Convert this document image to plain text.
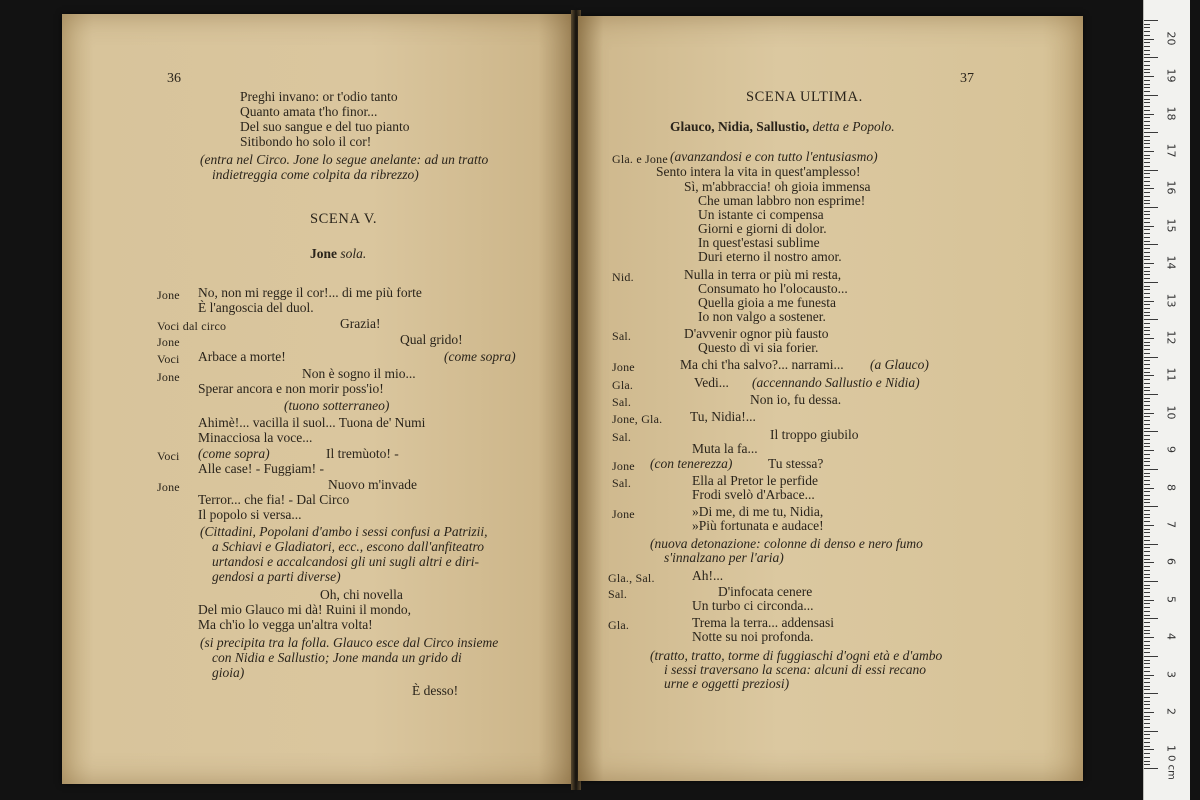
36
Preghi invano: or t'odio tanto
Quanto amata t'ho finor...
Del suo sangue e del tuo pianto
Sitibondo ho solo il cor!
(entra nel Circo. Jone lo segue anelante: ad un tratto
indietreggia come colpita da ribrezzo)
SCENA V.
Jone sola.
Jone No, non mi regge il cor!... di me più forte
È l'angoscia del duol.
Voci dal circo	Grazia!
Jone	Qual grido!
Voci Arbace a morte!	(come sopra)
Jone	Non è sogno il mio...
Sperar ancora e non morir poss'io!
(tuono sotterraneo)
Ahimè!... vacilla il suol... Tuona de' Numi
Minacciosa la voce...
Voci (come sopra)	Il tremùoto! -
Alle case! - Fuggiam! -
Jone	Nuovo m'invade
Terror... che fia! - Dal Circo
Il popolo si versa...
(Cittadini, Popolani d'ambo i sessi confusi a Patrizii,
a Schiavi e Gladiatori, ecc., escono dall'anfiteatro
urtandosi e accalcandosi gli uni sugli altri e diri-
gendosi a parti diverse)
Oh, chi novella
Del mio Glauco mi dà! Ruini il mondo,
Ma ch'io lo vegga un'altra volta!
(si precipita tra la folla. Glauco esce dal Circo insieme
con Nidia e Sallustio; Jone manda un grido di
gioia)
È desso!
37
SCENA ULTIMA.
Glauco, Nidia, Sallustio, detta e Popolo.
Gla. e Jone (avanzandosi e con tutto l'entusiasmo)
Sento intera la vita in quest'amplesso!
Sì, m'abbraccia! oh gioia immensa
Che uman labbro non esprime!
Un istante ci compensa
Giorni e giorni di dolor.
In quest'estasi sublime
Duri eterno il nostro amor.
Nid.	Nulla in terra or più mi resta,
Consumato ho l'olocausto...
Quella gioia a me funesta
Io non valgo a sostener.
Sal.	D'avvenir ognor più fausto
Questo dì vi sia forier.
Jone	Ma chi t'ha salvo?... narrami... (a Glauco)
Gla.	Vedi... (accennando Sallustio e Nidia)
Sal.	Non io, fu dessa.
Jone, Gla. Tu, Nidia!...
Sal.	Il troppo giubilo
Muta la fa...
Jone (con tenerezza)	Tu stessa?
Sal.	Ella al Pretor le perfide
Frodi svelò d'Arbace...
Jone	»Di me, di me tu, Nidia,
»Più fortunata e audace!
(nuova detonazione: colonne di denso e nero fumo
s'innalzano per l'aria)
Gla., Sal.	Ah!...
Sal.	D'infocata cenere
Un turbo ci circonda...
Gla.	Trema la terra... addensasi
Notte su noi profonda.
(tratto, tratto, torme di fuggiaschi d'ogni età e d'ambo
i sessi traversano la scena: alcuni di essi recano
urne e oggetti preziosi)
20
19
18
17
16
15
14
13
12
11
10
9
8
7
6
5
4
3
2
1
0 cm
